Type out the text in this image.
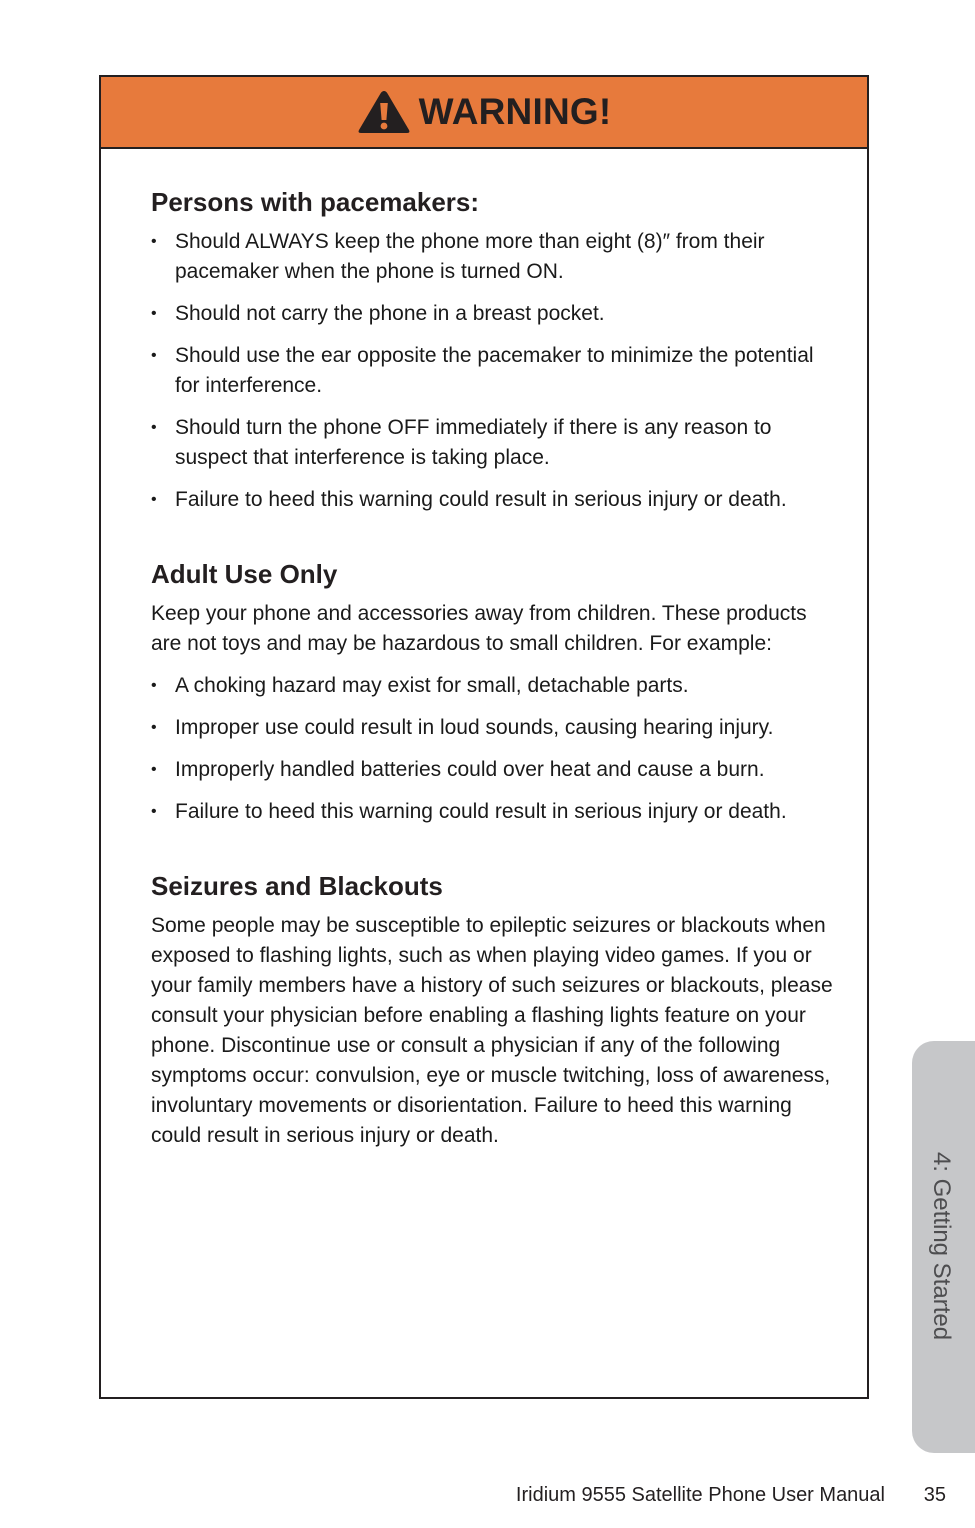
WARNING!
Persons with pacemakers:
• Should ALWAYS keep the phone more than eight (8)″ from their pacemaker when the phone is turned ON.
• Should not carry the phone in a breast pocket.
• Should use the ear opposite the pacemaker to minimize the potential for interference.
• Should turn the phone OFF immediately if there is any reason to suspect that interference is taking place.
• Failure to heed this warning could result in serious injury or death.
Adult Use Only

Keep your phone and accessories away from children. These products are not toys and may be hazardous to small children. For example:

• A choking hazard may exist for small, detachable parts.
• Improper use could result in loud sounds, causing hearing injury.
• Improperly handled batteries could over heat and cause a burn.
• Failure to heed this warning could result in serious injury or death.
Seizures and Blackouts

Some people may be susceptible to epileptic seizures or blackouts when exposed to flashing lights, such as when playing video games. If you or your family members have a history of such seizures or blackouts, please consult your physician before enabling a flashing lights feature on your phone. Discontinue use or consult a physician if any of the following symptoms occur: convulsion, eye or muscle twitching, loss of awareness, involuntary movements or disorientation. Failure to heed this warning could result in serious injury or death.

4: Getting Started
Iridium 9555 Satellite Phone User Manual 35
